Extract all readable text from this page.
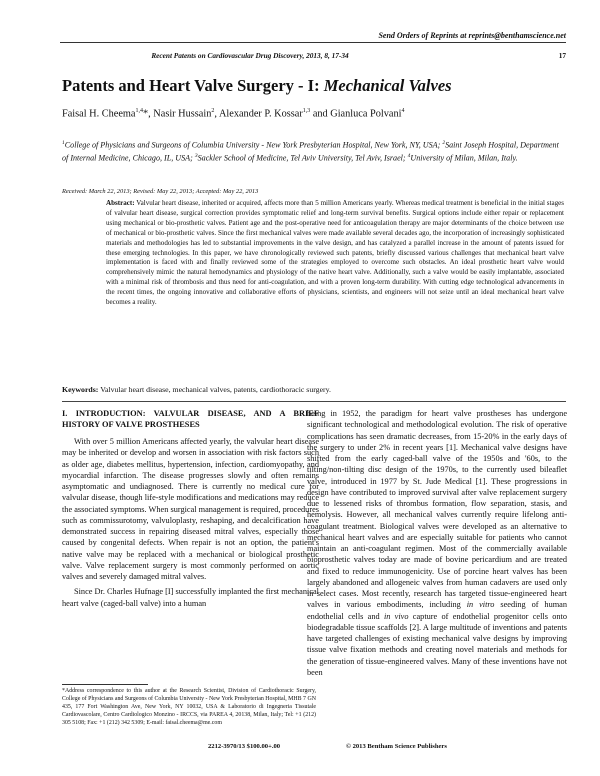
Send Orders of Reprints at reprints@benthamscience.net
Recent Patents on Cardiovascular Drug Discovery, 2013, 8, 17-34	17
Patents and Heart Valve Surgery - I: Mechanical Valves
Faisal H. Cheema$^{1,4}$*, Nasir Hussain$^2$, Alexander P. Kossar$^{1,3}$ and Gianluca Polvani$^4$
$^1$College of Physicians and Surgeons of Columbia University - New York Presbyterian Hospital, New York, NY, USA; $^2$Saint Joseph Hospital, Department of Internal Medicine, Chicago, IL, USA; $^3$Sackler School of Medicine, Tel Aviv University, Tel Aviv, Israel; $^4$University of Milan, Milan, Italy.
Received: March 22, 2013; Revised: May 22, 2013; Accepted: May 22, 2013
Abstract: Valvular heart disease, inherited or acquired, affects more than 5 million Americans yearly. Whereas medical treatment is beneficial in the initial stages of valvular heart disease, surgical correction provides symptomatic relief and long-term survival benefits. Surgical options include either repair or replacement using mechanical or bio-prosthetic valves. Patient age and the post-operative need for anticoagulation therapy are major determinants of the choice between use of mechanical or bio-prosthetic valves. Since the first mechanical valves were made available several decades ago, the incorporation of increasingly sophisticated materials and methodologies has led to substantial improvements in the valve design, and has catalyzed a parallel increase in the amount of patents issued for these emerging technologies. In this paper, we have chronologically reviewed such patents, briefly discussed various challenges that mechanical heart valve implementation is faced with and finally reviewed some of the strategies employed to overcome such obstacles. An ideal prosthetic heart valve would comprehensively mimic the natural hemodynamics and physiology of the native heart valve. Additionally, such a valve would be easily implantable, associated with a minimal risk of thrombosis and thus need for anti-coagulation, and with a proven long-term durability. With cutting edge technological advancements in the recent times, the ongoing innovative and collaborative efforts of physicians, scientists, and engineers will not seize until an ideal mechanical heart valve becomes a reality.
Keywords: Valvular heart disease, mechanical valves, patents, cardiothoracic surgery.
I. INTRODUCTION: VALVULAR DISEASE, AND A BRIEF HISTORY OF VALVE PROSTHESES

With over 5 million Americans affected yearly, the valvular heart disease may be inherited or develop and worsen in association with risk factors such as older age, diabetes mellitus, hypertension, infection, cardiomyopathy, and myocardial infarction. The disease progresses slowly and often remains asymptomatic and undiagnosed. There is currently no medical cure for valvular disease, though life-style modifications and medications may reduce the associated symptoms. When surgical management is required, procedures such as commissurotomy, valvuloplasty, reshaping, and decalcification have demonstrated success in repairing diseased mitral valves, especially those caused by congenital defects. When repair is not an option, the patient's native valve may be replaced with a mechanical or biological prosthetic valve. Valve replacement surgery is most commonly performed on aortic valves and severely damaged mitral valves.

Since Dr. Charles Hufnage [I] successfully implanted the first mechanical heart valve (caged-ball valve) into a human

being in 1952, the paradigm for heart valve prostheses has undergone significant technological and methodological evolution. The risk of operative complications has seen dramatic decreases, from 15-20% in the early days of the surgery to under 2% in recent years [1]. Mechanical valve designs have shifted from the early caged-ball valve of the 1950s and '60s, to the tilting/non-tilting disc design of the 1970s, to the currently used bileaflet valve, introduced in 1977 by St. Jude Medical [1]. These progressions in design have contributed to improved survival after valve replacement surgery due to lessened risks of thrombus formation, flow separation, stasis, and hemolysis. However, all mechanical valves currently require lifelong anti-coagulant treatment. Biological valves were developed as an alternative to mechanical heart valves and are especially suitable for patients who cannot maintain an anti-coagulant regimen. Most of the commercially available bioprosthetic valves today are made of bovine pericardium and are treated and fixed to reduce immunogenicity. Use of porcine heart valves has been largely abandoned and allogeneic valves from human cadavers are used only in select cases. Most recently, research has targeted tissue-engineered heart valves in various embodiments, including in vitro seeding of human endothelial cells and in vivo capture of endothelial progenitor cells onto biodegradable tissue scaffolds [2]. A large multitude of inventions and patents have targeted challenges of existing mechanical valve designs by improving tissue valve fixation methods and creating novel materials and methods for the generation of tissue-engineered valves. Many of these inventions have not been

*Address correspondence to this author at the Research Scientist, Division of Cardiothoracic Surgery, College of Physicians and Surgeons of Columbia University - New York Presbyterian Hospital, MHB 7 GN 435, 177 Fort Washington Ave, New York, NY 10032, USA & Laboratorio di Ingegneria Tissutale Cardiovascolare, Centro Cardiologico Monzino - IRCCS, via PAREA 4, 20138, Milan, Italy; Tel: +1 (212) 305 5108; Fax: +1 (212) 342 5309; E-mail: faisal.cheema@me.com
2212-3970/13 $100.00+.00	© 2013 Bentham Science Publishers
